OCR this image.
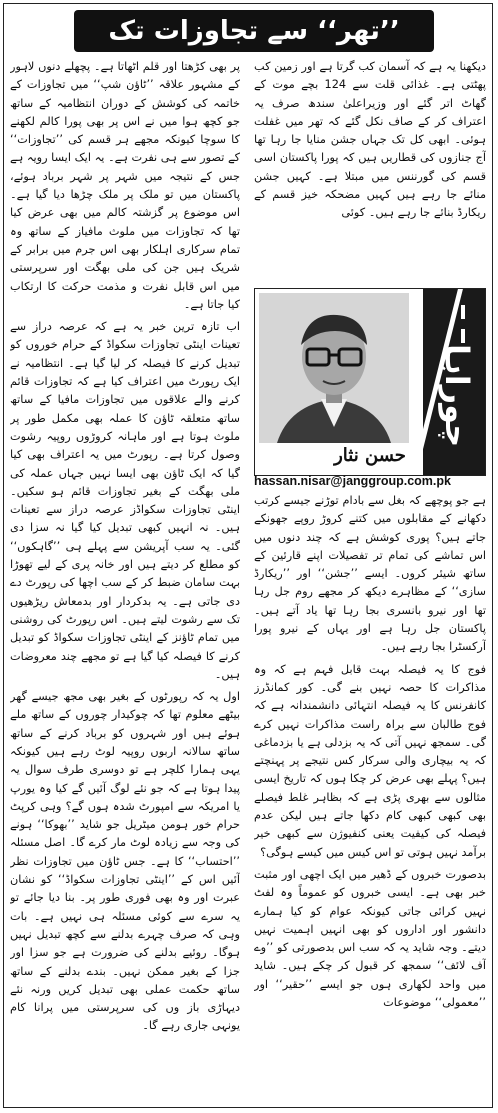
’’تھر‘‘ سے تجاوزات تک

دیکھنا یہ ہے کہ آسمان کب گرتا ہے اور زمین کب پھٹتی ہے۔ غذائی قلت سے 124 بچے موت کے گھاٹ اتر گئے اور وزیراعلیٰ سندھ صرف یہ اعتراف کر کے صاف نکل گئے کہ تھر میں غفلت ہوئی۔ ابھی کل تک جہاں جشن منایا جا رہا تھا آج جنازوں کی قطاریں ہیں کہ پورا پاکستان اسی قسم کی گورننس میں مبتلا ہے۔ کہیں جشن منائے جا رہے ہیں کہیں مضحکہ خیز قسم کے ریکارڈ بنائے جا رہے ہیں۔ کوئی

حسن نثار
چوراہا
hassan.nisar@janggroup.com.pk

ہے جو پوچھے کہ بغل سے بادام توڑنے جیسے کرتب دکھانے کے مقابلوں میں کتنے کروڑ روپے جھونکے جاتے ہیں؟ پوری کوشش ہے کہ چند دنوں میں اس تماشے کی تمام تر تفصیلات اپنے قارئین کے ساتھ شیئر کروں۔ ایسے ’’جشن‘‘ اور ’’ریکارڈ سازی‘‘ کے مظاہرے دیکھ کر مجھے روم جل رہا تھا اور نیرو بانسری بجا رہا تھا یاد آتے ہیں۔ پاکستان جل رہا ہے اور یہاں کے نیرو پورا آرکسٹرا بجا رہے ہیں۔

فوج کا یہ فیصلہ بہت قابل فہم ہے کہ وہ مذاکرات کا حصہ نہیں بنے گی۔ کور کمانڈرز کانفرنس کا یہ فیصلہ انتہائی دانشمندانہ ہے کہ فوج طالبان سے براہ راست مذاکرات نہیں کرے گی۔ سمجھ نہیں آتی کہ یہ بزدلی ہے یا بزدماغی کہ یہ بیچاری والی سرکار کس نتیجے پر پہنچتے ہیں؟ پہلے بھی عرض کر چکا ہوں کہ تاریخ ایسی مثالوں سے بھری پڑی ہے کہ بظاہر غلط فیصلے بھی کبھی کبھی کام دکھا جاتے ہیں لیکن عدم فیصلہ کی کیفیت یعنی کنفیوژن سے کبھی خیر برآمد نہیں ہوتی تو اس کیس میں کیسے ہوگی؟

بدصورت خبروں کے ڈھیر میں ایک اچھی اور مثبت خبر بھی ہے۔ ایسی خبروں کو عموماً وہ لفٹ نہیں کرائی جاتی کیونکہ عوام کو کیا ہمارے دانشور اور اداروں کو بھی انہیں اہمیت نہیں دیتے۔ وجہ شاید یہ کہ سب اس بدصورتی کو ’’وے آف لائف‘‘ سمجھ کر قبول کر چکے ہیں۔ شاید میں واحد لکھاری ہوں جو ایسے ’’حقیر‘‘ اور ’’معمولی‘‘ موضوعات

پر بھی کڑھتا اور قلم اٹھاتا ہے۔ پچھلے دنوں لاہور کے مشہور علاقہ ’’ٹاؤن شپ‘‘ میں تجاوزات کے خاتمہ کی کوشش کے دوران انتظامیہ کے ساتھ جو کچھ ہوا میں نے اس پر بھی پورا کالم لکھنے کا سوچا کیونکہ مجھے ہر قسم کی ’’تجاوزات‘‘ کے تصور سے ہی نفرت ہے۔ یہ ایک ایسا رویہ ہے جس کے نتیجہ میں شہر پر شہر برباد ہوئے، پاکستان میں تو ملک پر ملک چڑھا دیا گیا ہے۔ اس موضوع پر گزشتہ کالم میں بھی عرض کیا تھا کہ تجاوزات میں ملوث مافیاز کے ساتھ وہ تمام سرکاری اہلکار بھی اس جرم میں برابر کے شریک ہیں جن کی ملی بھگت اور سرپرستی میں اس قابل نفرت و مذمت حرکت کا ارتکاب کیا جاتا ہے۔

اب تازہ ترین خبر یہ ہے کہ عرصہ دراز سے تعینات اینٹی تجاوزات سکواڈ کے حرام خوروں کو تبدیل کرنے کا فیصلہ کر لیا گیا ہے۔ انتظامیہ نے ایک رپورٹ میں اعتراف کیا ہے کہ تجاوزات قائم کرنے والے علاقوں میں تجاوزات مافیا کے ساتھ ساتھ متعلقہ ٹاؤن کا عملہ بھی مکمل طور پر ملوث ہوتا ہے اور ماہانہ کروڑوں روپیہ رشوت وصول کرتا ہے۔ رپورٹ میں یہ اعتراف بھی کیا گیا کہ ایک ٹاؤن بھی ایسا نہیں جہاں عملہ کی ملی بھگت کے بغیر تجاوزات قائم ہو سکیں۔ اینٹی تجاوزات سکواڈز عرصہ دراز سے تعینات ہیں۔ نہ انہیں کبھی تبدیل کیا گیا نہ سزا دی گئی۔ یہ سب آپریشن سے پہلے ہی ’’گاہکوں‘‘ کو مطلع کر دیتے ہیں اور خانہ پری کے لیے تھوڑا بہت سامان ضبط کر کے سب اچھا کی رپورٹ دے دی جاتی ہے۔ یہ بدکردار اور بدمعاش ریڑھیوں تک سے رشوت لیتے ہیں۔ اس رپورٹ کی روشنی میں تمام ٹاؤنز کے اینٹی تجاوزات سکواڈ کو تبدیل کرنے کا فیصلہ کیا گیا ہے تو مجھے چند معروضات ہیں۔

اول یہ کہ رپورٹوں کے بغیر بھی مجھ جیسے گھر بیٹھے معلوم تھا کہ چوکیدار چوروں کے ساتھ ملے ہوئے ہیں اور شہروں کو برباد کرنے کے ساتھ ساتھ سالانہ اربوں روپیہ لوٹ رہے ہیں کیونکہ یہی ہمارا کلچر ہے تو دوسری طرف سوال یہ پیدا ہوتا ہے کہ جو نئے لوگ آئیں گے کیا وہ یورپ یا امریکہ سے امپورٹ شدہ ہوں گے؟ وہی کرپٹ حرام خور ہومن میٹریل جو شاید ’’بھوکا‘‘ ہونے کی وجہ سے زیادہ لوٹ مار کرے گا۔ اصل مسئلہ ’’احتساب‘‘ کا ہے۔ جس ٹاؤن میں تجاوزات نظر آئیں اس کے ’’اینٹی تجاوزات سکواڈ‘‘ کو نشان عبرت اور وہ بھی فوری طور پر۔ بنا دیا جائے تو یہ سرے سے کوئی مسئلہ ہی نہیں ہے۔ بات وہی کہ صرف چہرے بدلنے سے کچھ تبدیل نہیں ہوگا۔ روئیے بدلنے کی ضرورت ہے جو سزا اور جزا کے بغیر ممکن نہیں۔ بندے بدلنے کے ساتھ ساتھ حکمت عملی بھی تبدیل کریں ورنہ نئے دیہاڑی باز وں کی سرپرستی میں پرانا کام یونہی جاری رہے گا۔
